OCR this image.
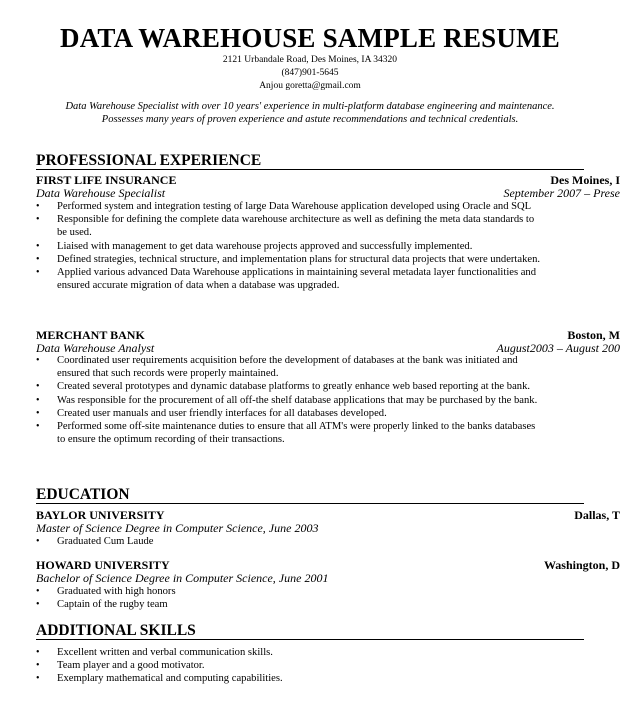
DATA WAREHOUSE SAMPLE RESUME
2121 Urbandale Road, Des Moines, IA 34320
(847)901-5645
Anjou goretta@gmail.com
Data Warehouse Specialist with over 10 years' experience in multi-platform database engineering and maintenance.
Possesses many years of proven experience and astute recommendations and technical credentials.
PROFESSIONAL EXPERIENCE
FIRST LIFE INSURANCE	Des Moines, I
Data Warehouse Specialist	September 2007 – Prese
• Performed system and integration testing of large Data Warehouse application developed using Oracle and SQL
• Responsible for defining the complete data warehouse architecture as well as defining the meta data standards to be used.
• Liaised with management to get data warehouse projects approved and successfully implemented.
• Defined strategies, technical structure, and implementation plans for structural data projects that were undertaken.
• Applied various advanced Data Warehouse applications in maintaining several metadata layer functionalities and ensured accurate migration of data when a database was upgraded.
MERCHANT BANK	Boston, M
Data Warehouse Analyst	August2003 – August 200
• Coordinated user requirements acquisition before the development of databases at the bank was initiated and ensured that such records were properly maintained.
• Created several prototypes and dynamic database platforms to greatly enhance web based reporting at the bank.
• Was responsible for the procurement of all off-the shelf database applications that may be purchased by the bank.
• Created user manuals and user friendly interfaces for all databases developed.
• Performed some off-site maintenance duties to ensure that all ATM's were properly linked to the banks databases to ensure the optimum recording of their transactions.
EDUCATION
BAYLOR UNIVERSITY	Dallas, T
Master of Science Degree in Computer Science, June 2003
• Graduated Cum Laude
HOWARD UNIVERSITY	Washington, D
Bachelor of Science Degree in Computer Science, June 2001
• Graduated with high honors
• Captain of the rugby team
ADDITIONAL SKILLS
• Excellent written and verbal communication skills.
• Team player and a good motivator.
• Exemplary mathematical and computing capabilities.
